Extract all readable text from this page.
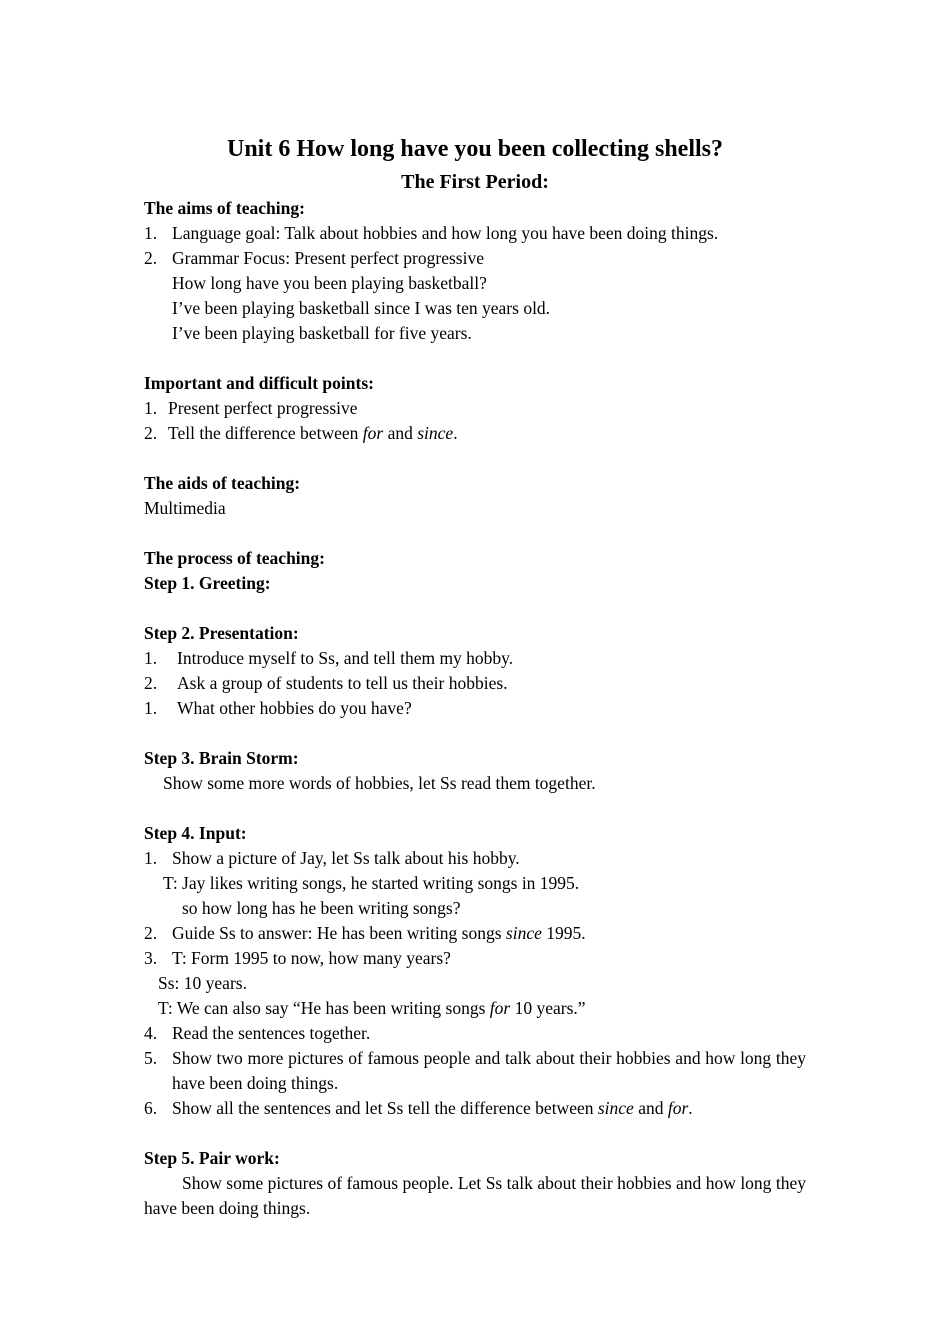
Unit 6 How long have you been collecting shells?
The First Period:
The aims of teaching:
1. Language goal: Talk about hobbies and how long you have been doing things.
2. Grammar Focus: Present perfect progressive
How long have you been playing basketball?
I’ve been playing basketball since I was ten years old.
I’ve been playing basketball for five years.
Important and difficult points:
1. Present perfect progressive
2. Tell the difference between for and since.
The aids of teaching:
Multimedia
The process of teaching:
Step 1. Greeting:
Step 2. Presentation:
1. Introduce myself to Ss, and tell them my hobby.
2. Ask a group of students to tell us their hobbies.
1. What other hobbies do you have?
Step 3. Brain Storm:
Show some more words of hobbies, let Ss read them together.
Step 4. Input:
1. Show a picture of Jay, let Ss talk about his hobby.
T: Jay likes writing songs, he started writing songs in 1995.
so how long has he been writing songs?
2. Guide Ss to answer: He has been writing songs since 1995.
3. T: Form 1995 to now, how many years?
Ss: 10 years.
T: We can also say “He has been writing songs for 10 years.”
4. Read the sentences together.
5. Show two more pictures of famous people and talk about their hobbies and how long they have been doing things.
6. Show all the sentences and let Ss tell the difference between since and for.
Step 5. Pair work:
Show some pictures of famous people. Let Ss talk about their hobbies and how long they have been doing things.
